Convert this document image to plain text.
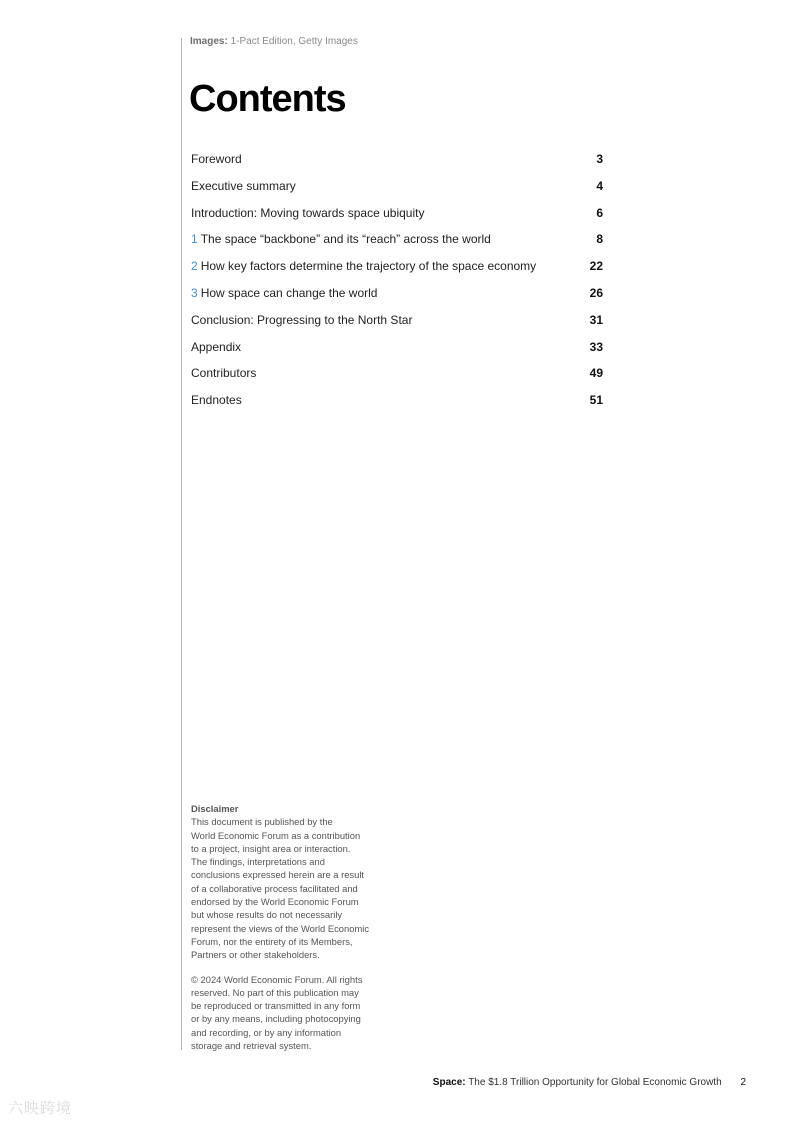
Images: 1-Pact Edition, Getty Images
Contents
Foreword	3
Executive summary	4
Introduction: Moving towards space ubiquity	6
1 The space “backbone” and its “reach” across the world	8
2 How key factors determine the trajectory of the space economy	22
3 How space can change the world	26
Conclusion: Progressing to the North Star	31
Appendix	33
Contributors	49
Endnotes	51
Disclaimer
This document is published by the
World Economic Forum as a contribution
to a project, insight area or interaction.
The findings, interpretations and
conclusions expressed herein are a result
of a collaborative process facilitated and
endorsed by the World Economic Forum
but whose results do not necessarily
represent the views of the World Economic
Forum, nor the entirety of its Members,
Partners or other stakeholders.
© 2024 World Economic Forum. All rights
reserved. No part of this publication may
be reproduced or transmitted in any form
or by any means, including photocopying
and recording, or by any information
storage and retrieval system.
Space: The $1.8 Trillion Opportunity for Global Economic Growth 2
六映跨境
